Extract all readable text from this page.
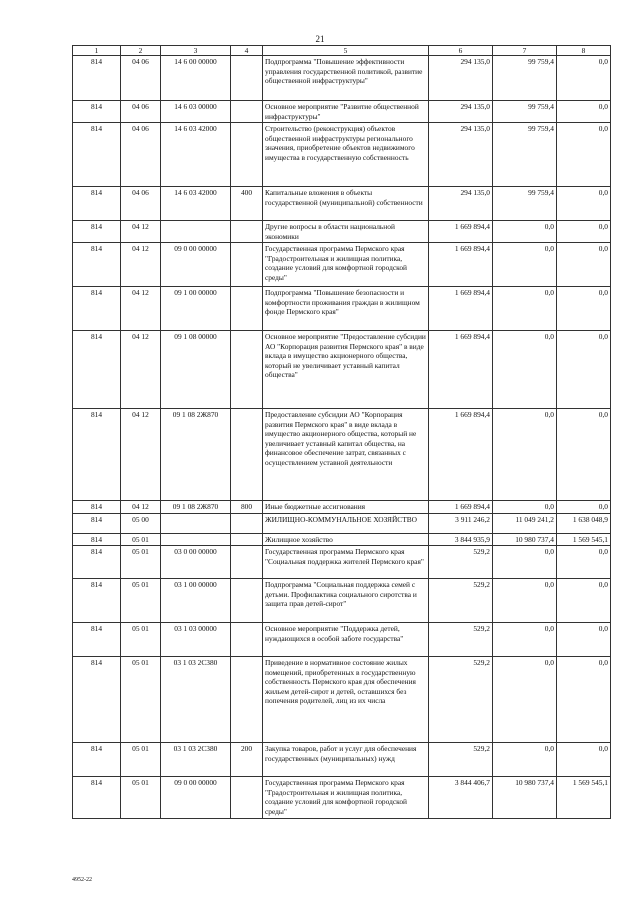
21
1	2	3	4	5	6	7	8
814	04 06	14 6 00 00000		Подпрограмма "Повышение эффективности управления государственной политикой, развитие общественной инфраструктуры"	294 135,0	99 759,4	0,0
814	04 06	14 6 03 00000		Основное мероприятие "Развитие общественной инфраструктуры"	294 135,0	99 759,4	0,0
814	04 06	14 6 03 42000		Строительство (реконструкция) объектов общественной инфраструктуры регионального значения, приобретение объектов недвижимого имущества в государственную собственность	294 135,0	99 759,4	0,0
814	04 06	14 6 03 42000	400	Капитальные вложения в объекты государственной (муниципальной) собственности	294 135,0	99 759,4	0,0
814	04 12			Другие вопросы в области национальной экономики	1 669 894,4	0,0	0,0
814	04 12	09 0 00 00000		Государственная программа Пермского края "Градостроительная и жилищная политика, создание условий для комфортной городской среды"	1 669 894,4	0,0	0,0
814	04 12	09 1 00 00000		Подпрограмма "Повышение безопасности и комфортности проживания граждан в жилищном фонде Пермского края"	1 669 894,4	0,0	0,0
814	04 12	09 1 08 00000		Основное мероприятие "Предоставление субсидии АО "Корпорация развития Пермского края" в виде вклада в имущество акционерного общества, который не увеличивает уставный капитал общества"	1 669 894,4	0,0	0,0
814	04 12	09 1 08 2Ж870		Предоставление субсидии АО "Корпорация развития Пермского края" в виде вклада в имущество акционерного общества, который не увеличивает уставный капитал общества, на финансовое обеспечение затрат, связанных с осуществлением уставной деятельности	1 669 894,4	0,0	0,0
814	04 12	09 1 08 2Ж870	800	Иные бюджетные ассигнования	1 669 894,4	0,0	0,0
814	05 00			ЖИЛИЩНО-КОММУНАЛЬНОЕ ХОЗЯЙСТВО	3 911 246,2	11 049 241,2	1 638 048,9
814	05 01			Жилищное хозяйство	3 844 935,9	10 980 737,4	1 569 545,1
814	05 01	03 0 00 00000		Государственная программа Пермского края "Социальная поддержка жителей Пермского края"	529,2	0,0	0,0
814	05 01	03 1 00 00000		Подпрограмма "Социальная поддержка семей с детьми. Профилактика социального сиротства и защита прав детей-сирот"	529,2	0,0	0,0
814	05 01	03 1 03 00000		Основное мероприятие "Поддержка детей, нуждающихся в особой заботе государства"	529,2	0,0	0,0
814	05 01	03 1 03 2С380		Приведение в нормативное состояние жилых помещений, приобретенных в государственную собственность Пермского края для обеспечения жильем детей-сирот и детей, оставшихся без попечения родителей, лиц из их числа	529,2	0,0	0,0
814	05 01	03 1 03 2С380	200	Закупка товаров, работ и услуг для обеспечения государственных (муниципальных) нужд	529,2	0,0	0,0
814	05 01	09 0 00 00000		Государственная программа Пермского края "Градостроительная и жилищная политика, создание условий для комфортной городской среды"	3 844 406,7	10 980 737,4	1 569 545,1
4952-22
